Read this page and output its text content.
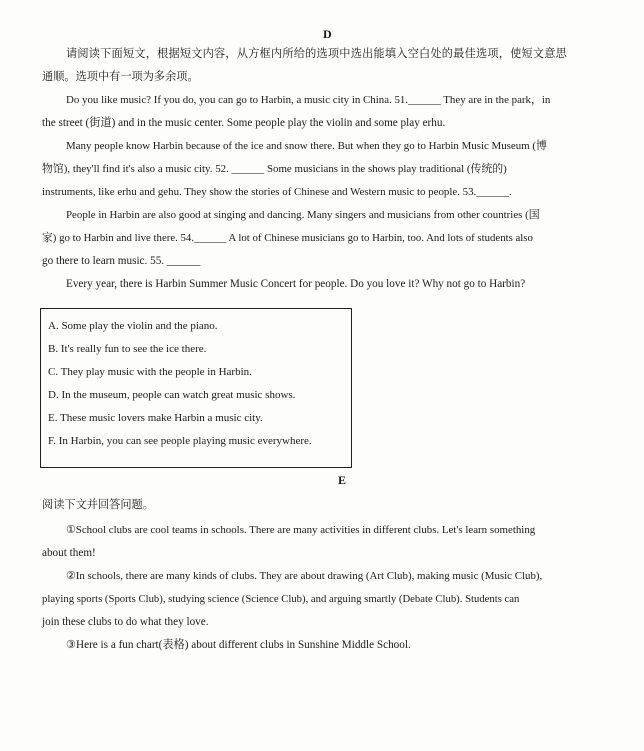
D
请阅读下面短文，根据短文内容，从方框内所给的选项中选出能填入空白处的最佳选项，使短文意思
通顺。选项中有一项为多余项。
Do you like music? If you do, you can go to Harbin, a music city in China. 51.______ They are in the park，in
the street (街道) and in the music center. Some people play the violin and some play erhu.
Many people know Harbin because of the ice and snow there. But when they go to Harbin Music Museum (博
物馆), they'll find it's also a music city. 52. ______ Some musicians in the shows play traditional (传统的)
instruments, like erhu and gehu. They show the stories of Chinese and Western music to people. 53.______.
People in Harbin are also good at singing and dancing. Many singers and musicians from other countries (国
家) go to Harbin and live there. 54.______ A lot of Chinese musicians go to Harbin, too. And lots of students also
go there to learn music. 55. ______
Every year, there is Harbin Summer Music Concert for people. Do you love it? Why not go to Harbin?
A. Some play the violin and the piano.
B. It's really fun to see the ice there.
C. They play music with the people in Harbin.
D. In the museum, people can watch great music shows.
E. These music lovers make Harbin a music city.
F. In Harbin, you can see people playing music everywhere.
E
阅读下文并回答问题。
①School clubs are cool teams in schools. There are many activities in different clubs. Let's learn something
about them!
②In schools, there are many kinds of clubs. They are about drawing (Art Club), making music (Music Club),
playing sports (Sports Club), studying science (Science Club), and arguing smartly (Debate Club). Students can
join these clubs to do what they love.
③Here is a fun chart(表格) about different clubs in Sunshine Middle School.
